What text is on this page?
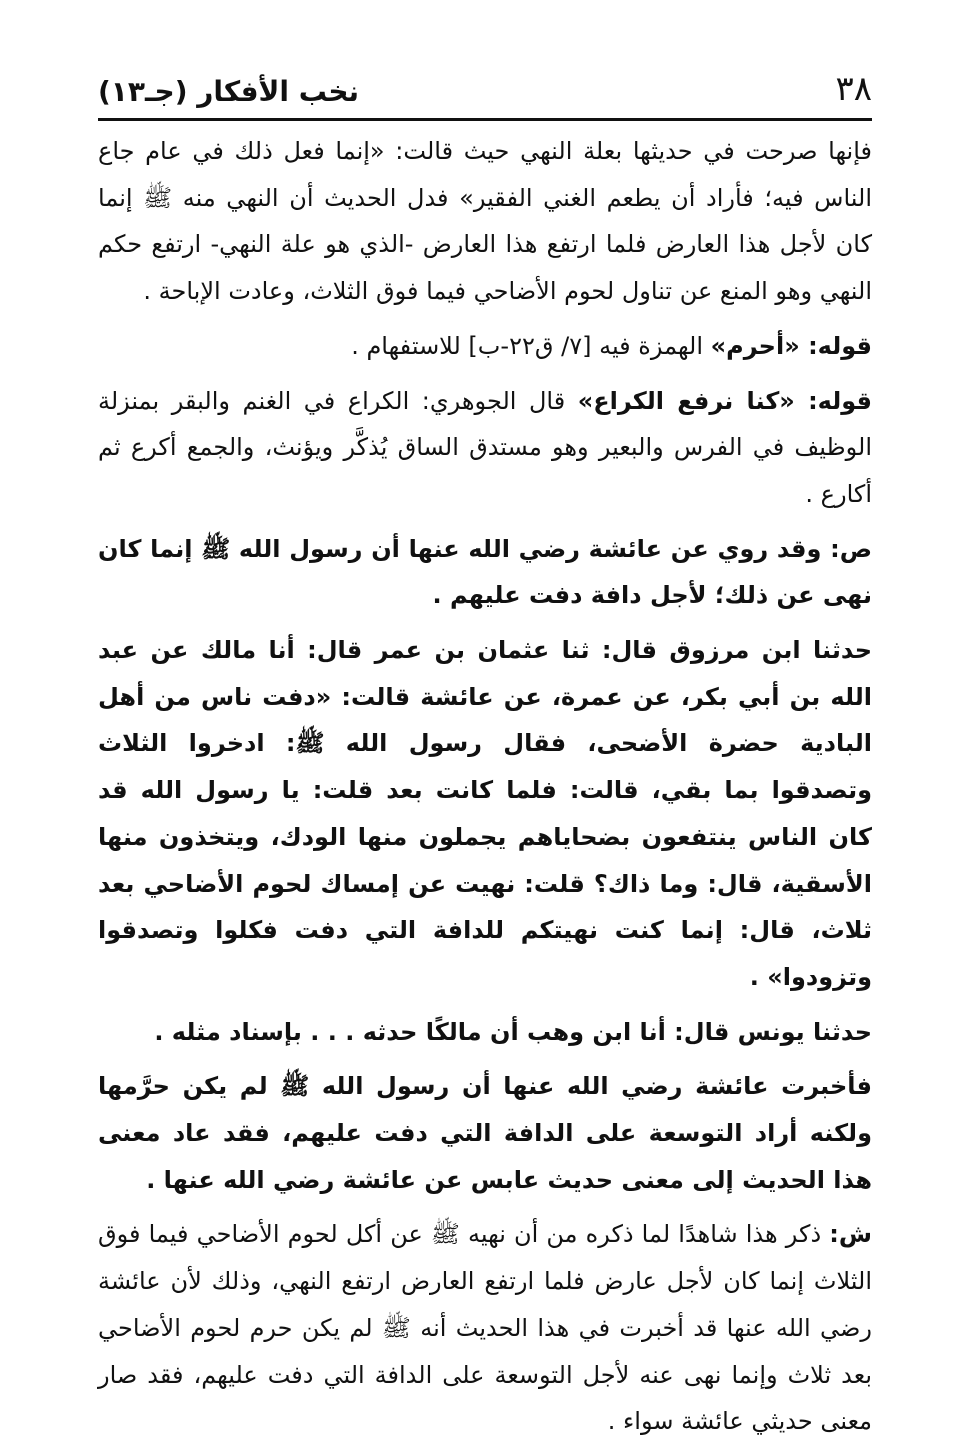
٣٨
نخب الأفكار (جـ١٣)

فإنها صرحت في حديثها بعلة النهي حيث قالت: «إنما فعل ذلك في عام جاع الناس فيه؛ فأراد أن يطعم الغني الفقير» فدل الحديث أن النهي منه ﷺ إنما كان لأجل هذا العارض فلما ارتفع هذا العارض -الذي هو علة النهي- ارتفع حكم النهي وهو المنع عن تناول لحوم الأضاحي فيما فوق الثلاث، وعادت الإباحة .

قوله: «أحرم» الهمزة فيه [٧/ ق٢٢-ب] للاستفهام .

قوله: «كنا نرفع الكراع» قال الجوهري: الكراع في الغنم والبقر بمنزلة الوظيف في الفرس والبعير وهو مستدق الساق يُذكَّر ويؤنث، والجمع أكرع ثم أكارع .

ص: وقد روي عن عائشة رضي الله عنها أن رسول الله ﷺ إنما كان نهى عن ذلك؛ لأجل دافة دفت عليهم .

حدثنا ابن مرزوق قال: ثنا عثمان بن عمر قال: أنا مالك عن عبد الله بن أبي بكر، عن عمرة، عن عائشة قالت: «دفت ناس من أهل البادية حضرة الأضحى، فقال رسول الله ﷺ: ادخروا الثلاث وتصدقوا بما بقي، قالت: فلما كانت بعد قلت: يا رسول الله قد كان الناس ينتفعون بضحاياهم يجملون منها الودك، ويتخذون منها الأسقية، قال: وما ذاك؟ قلت: نهيت عن إمساك لحوم الأضاحي بعد ثلاث، قال: إنما كنت نهيتكم للدافة التي دفت فكلوا وتصدقوا وتزودوا» .

حدثنا يونس قال: أنا ابن وهب أن مالكًا حدثه . . . بإسناد مثله .

فأخبرت عائشة رضي الله عنها أن رسول الله ﷺ لم يكن حرَّمها ولكنه أراد التوسعة على الدافة التي دفت عليهم، فقد عاد معنى هذا الحديث إلى معنى حديث عابس عن عائشة رضي الله عنها .

ش: ذكر هذا شاهدًا لما ذكره من أن نهيه ﷺ عن أكل لحوم الأضاحي فيما فوق الثلاث إنما كان لأجل عارض فلما ارتفع العارض ارتفع النهي، وذلك لأن عائشة رضي الله عنها قد أخبرت في هذا الحديث أنه ﷺ لم يكن حرم لحوم الأضاحي بعد ثلاث وإنما نهى عنه لأجل التوسعة على الدافة التي دفت عليهم، فقد صار معنى حديثي عائشة سواء .
